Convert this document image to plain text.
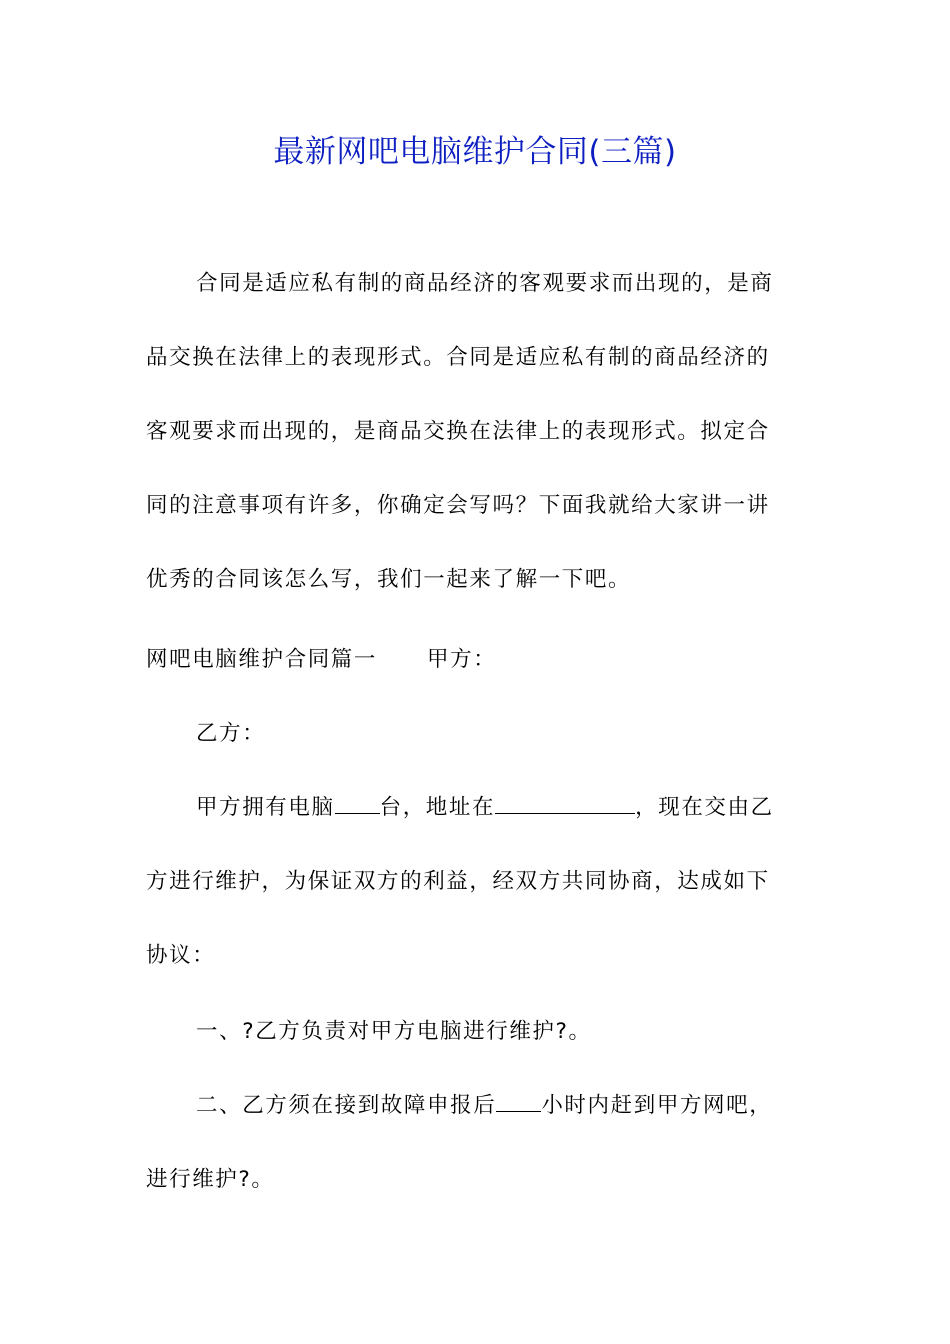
最新网吧电脑维护合同(三篇)
合同是适应私有制的商品经济的客观要求而出现的，是商
品交换在法律上的表现形式。合同是适应私有制的商品经济的
客观要求而出现的，是商品交换在法律上的表现形式。拟定合
同的注意事项有许多，你确定会写吗？下面我就给大家讲一讲
优秀的合同该怎么写，我们一起来了解一下吧。
网吧电脑维护合同篇一 甲方：
乙方：
甲方拥有电脑 台，地址在	，现在交由乙
方进行维护，为保证双方的利益，经双方共同协商，达成如下
协议：
一、?乙方负责对甲方电脑进行维护?。
二、乙方须在接到故障申报后 小时内赶到甲方网吧，
进行维护?。
